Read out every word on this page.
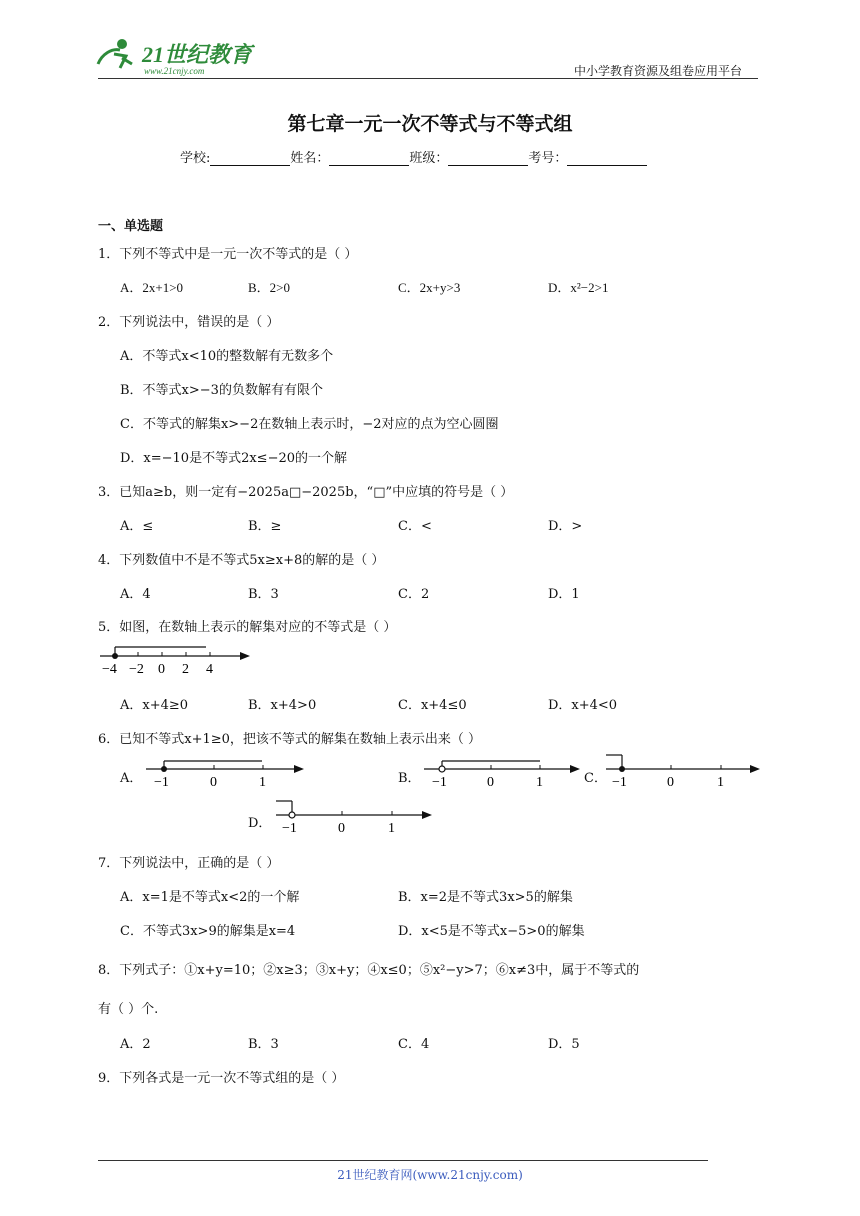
21世纪教育
www.21cnjy.com	中小学教育资源及组卷应用平台
第七章一元一次不等式与不等式组
学校:	姓名：	班级：	考号：
一、单选题
1．下列不等式中是一元一次不等式的是（ ）
A．2x+1>0	B．2>0	C．2x+y>3	D．x²−2>1
2．下列说法中，错误的是（ ）
A．不等式x<10的整数解有无数多个
B．不等式x>−3的负数解有有限个
C．不等式的解集x>−2在数轴上表示时，−2对应的点为空心圆圈
D．x=−10是不等式2x≤−20的一个解
3．已知a≥b，则一定有−2025a□−2025b，“□”中应填的符号是（ ）
A．≤	B．≥	C．<	D．>
4．下列数值中不是不等式5x≥x+8的解的是（ ）
A．4	B．3	C．2	D．1
5．如图，在数轴上表示的解集对应的不等式是（ ）
−4 −2 0 2 4
A．x+4≥0	B．x+4>0	C．x+4≤0	D．x+4<0
6．已知不等式x+1≥0，把该不等式的解集在数轴上表示出来（ ）
A． −1	0	1	B． −1	0	1	C． −1	0	1
D． −1	0	1
7．下列说法中，正确的是（ ）
A．x=1是不等式x<2的一个解	B．x=2是不等式3x>5的解集
C．不等式3x>9的解集是x=4	D．x<5是不等式x−5>0的解集
8．下列式子：①x+y=10；②x≥3；③x+y；④x≤0；⑤x²−y>7；⑥x≠3中，属于不等式的
有（ ）个.
A．2	B．3	C．4	D．5
9．下列各式是一元一次不等式组的是（ ）
21世纪教育网(www.21cnjy.com)
